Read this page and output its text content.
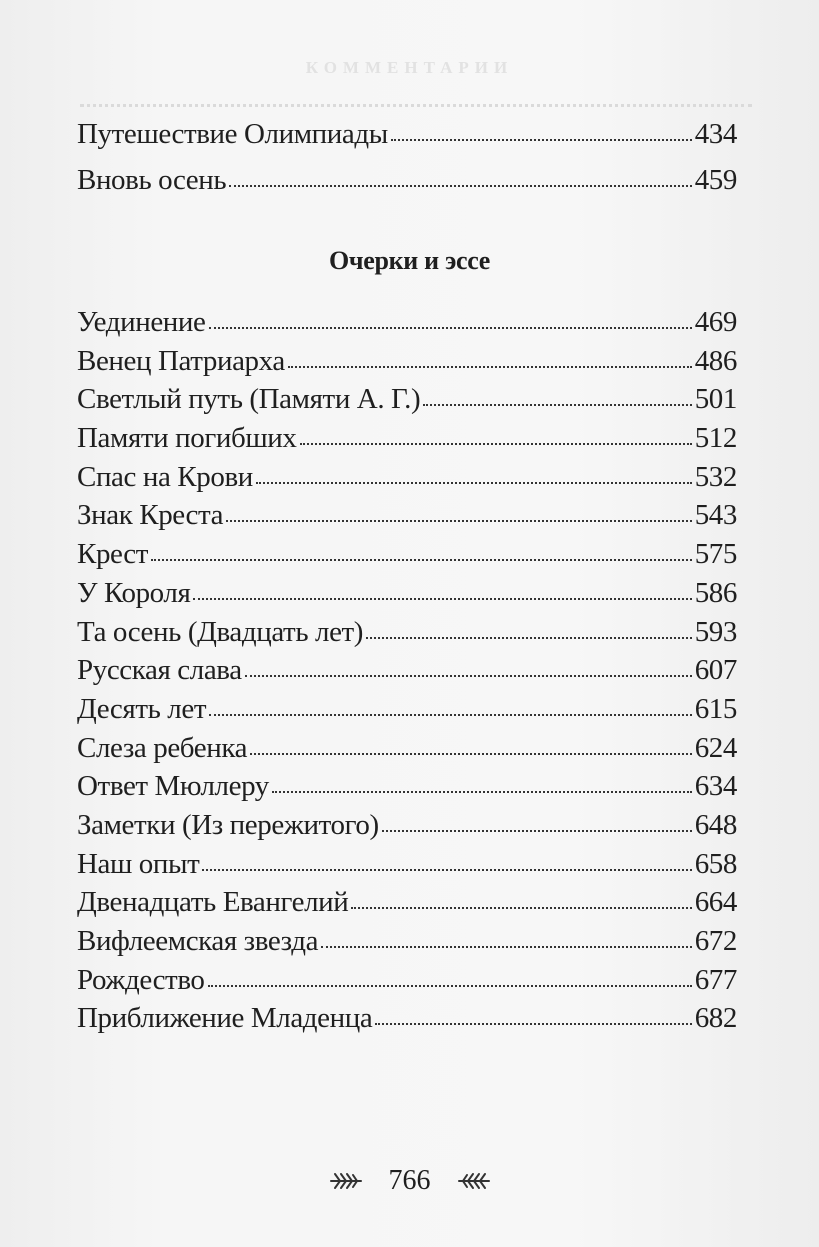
КОММЕНТАРИИ
Путешествие Олимпиады	434
Вновь осень	459
Очерки и эссе
Уединение	469
Венец Патриарха	486
Светлый путь (Памяти А. Г.)	501
Памяти погибших	512
Спас на Крови	532
Знак Креста	543
Крест	575
У Короля	586
Та осень (Двадцать лет)	593
Русская слава	607
Десять лет	615
Слеза ребенка	624
Ответ Мюллеру	634
Заметки (Из пережитого)	648
Наш опыт	658
Двенадцать Евангелий	664
Вифлеемская звезда	672
Рождество	677
Приближение Младенца	682
766
